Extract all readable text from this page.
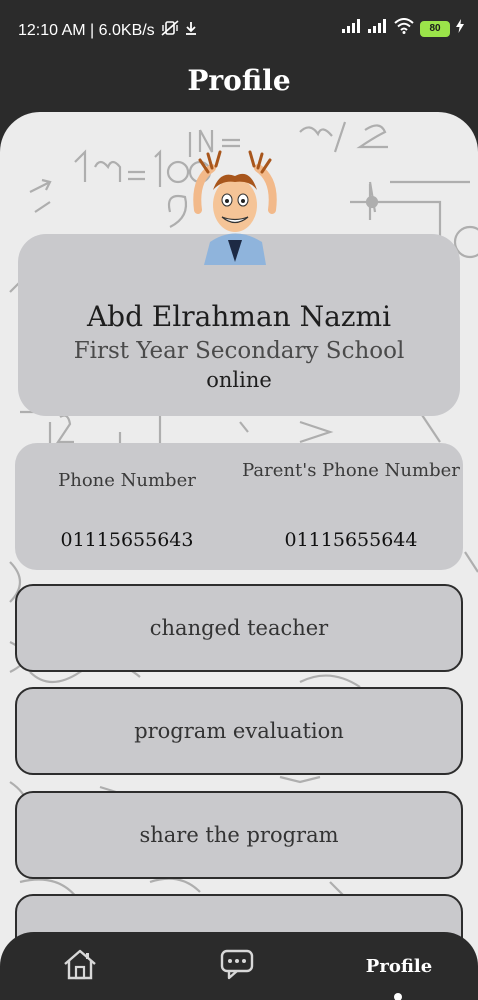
12:10 AM | 6.0KB/s	80
Profile
Abd Elrahman Nazmi
First Year Secondary School
online
Phone Number
01115655643
Parent's Phone Number
01115655644
changed teacher
program evaluation
share the program
Profile
